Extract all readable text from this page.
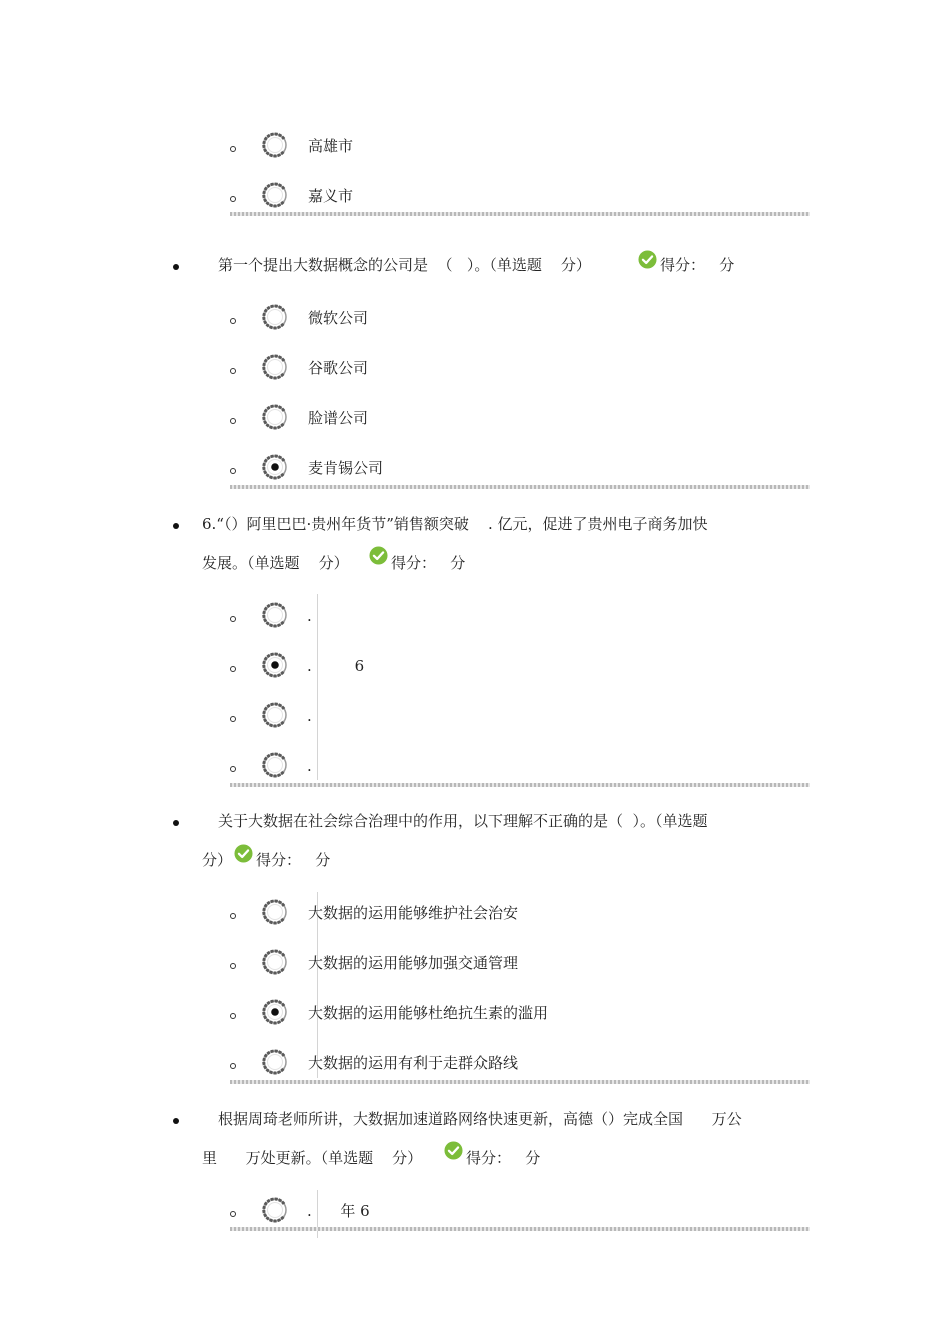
高雄市
嘉义市
第一个提出大数据概念的公司是  （   ）。（单选题    分）	得分：   分
微软公司
谷歌公司
脸谱公司
麦肯锡公司
6.“（）阿里巴巴·贵州年货节”销售额突破    . 亿元，促进了贵州电子商务加快
发展。（单选题    分）	得分：   分
.
.         6
.
.
关于大数据在社会综合治理中的作用，以下理解不正确的是（  ）。（单选题
分） 得分：   分
大数据的运用能够维护社会治安
大数据的运用能够加强交通管理
大数据的运用能够杜绝抗生素的滥用
大数据的运用有利于走群众路线
根据周琦老师所讲，大数据加速道路网络快速更新，高德（）完成全国      万公
里      万处更新。（单选题    分）	得分：   分
.      年 6
